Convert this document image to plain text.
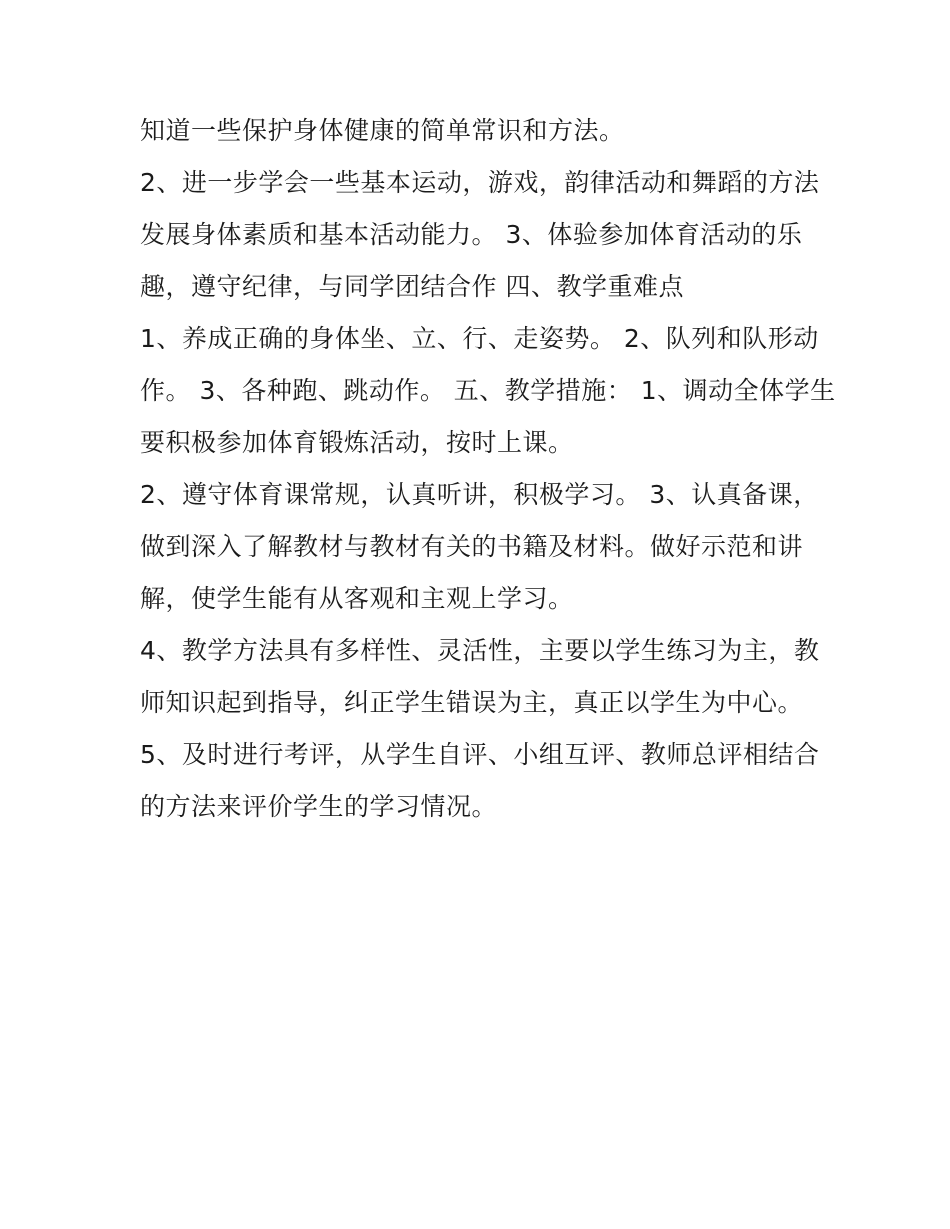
知道一些保护身体健康的简单常识和方法。
2、进一步学会一些基本运动，游戏，韵律活动和舞蹈的方法
发展身体素质和基本活动能力。 3、体验参加体育活动的乐
趣，遵守纪律，与同学团结合作 四、教学重难点
1、养成正确的身体坐、立、行、走姿势。 2、队列和队形动
作。 3、各种跑、跳动作。 五、教学措施： 1、调动全体学生
要积极参加体育锻炼活动，按时上课。
2、遵守体育课常规，认真听讲，积极学习。 3、认真备课，
做到深入了解教材与教材有关的书籍及材料。做好示范和讲
解，使学生能有从客观和主观上学习。
4、教学方法具有多样性、灵活性，主要以学生练习为主，教
师知识起到指导，纠正学生错误为主，真正以学生为中心。
5、及时进行考评，从学生自评、小组互评、教师总评相结合
的方法来评价学生的学习情况。
